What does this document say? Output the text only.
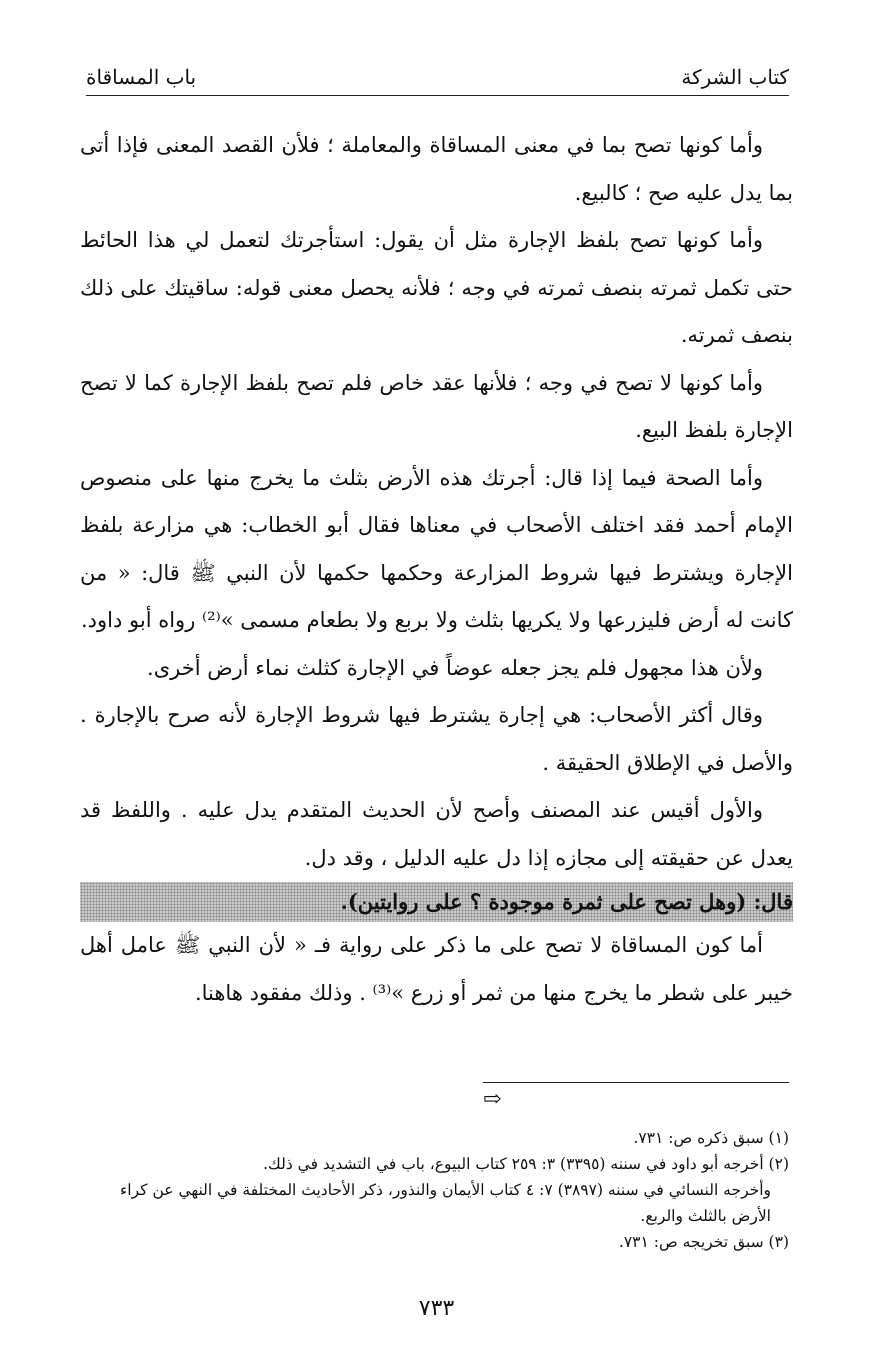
كتاب الشركة
باب المساقاة

وأما كونها تصح بما في معنى المساقاة والمعاملة ؛ فلأن القصد المعنى فإذا أتى بما يدل عليه صح ؛ كالبيع.

وأما كونها تصح بلفظ الإجارة مثل أن يقول: استأجرتك لتعمل لي هذا الحائط حتى تكمل ثمرته بنصف ثمرته في وجه ؛ فلأنه يحصل معنى قوله: ساقيتك على ذلك بنصف ثمرته.

وأما كونها لا تصح في وجه ؛ فلأنها عقد خاص فلم تصح بلفظ الإجارة كما لا تصح الإجارة بلفظ البيع.

وأما الصحة فيما إذا قال: أجرتك هذه الأرض بثلث ما يخرج منها على منصوص الإمام أحمد فقد اختلف الأصحاب في معناها فقال أبو الخطاب: هي مزارعة بلفظ الإجارة ويشترط فيها شروط المزارعة وحكمها حكمها لأن النبي ﷺ قال: « من كانت له أرض فليزرعها ولا يكريها بثلث ولا بربع ولا بطعام مسمى »⁽²⁾ رواه أبو داود.

ولأن هذا مجهول فلم يجز جعله عوضاً في الإجارة كثلث نماء أرض أخرى.

وقال أكثر الأصحاب: هي إجارة يشترط فيها شروط الإجارة لأنه صرح بالإجارة . والأصل في الإطلاق الحقيقة .

والأول أقيس عند المصنف وأصح لأن الحديث المتقدم يدل عليه . واللفظ قد يعدل عن حقيقته إلى مجازه إذا دل عليه الدليل ، وقد دل.

قال: (وهل تصح على ثمرة موجودة ؟ على روايتين).

أما كون المساقاة لا تصح على ما ذكر على رواية فـ « لأن النبي ﷺ عامل أهل خيبر على شطر ما يخرج منها من ثمر أو زرع »⁽³⁾ . وذلك مفقود هاهنا.

⇨

(١) سبق ذكره ص: ٧٣١.

(٢) أخرجه أبو داود في سننه (٣٣٩٥) ٣: ٢٥٩ كتاب البيوع، باب في التشديد في ذلك.

وأخرجه النسائي في سننه (٣٨٩٧) ٧: ٤ كتاب الأيمان والنذور، ذكر الأحاديث المختلفة في النهي عن كراء الأرض بالثلث والربع.

(٣) سبق تخريجه ص: ٧٣١.

٧٣٣
